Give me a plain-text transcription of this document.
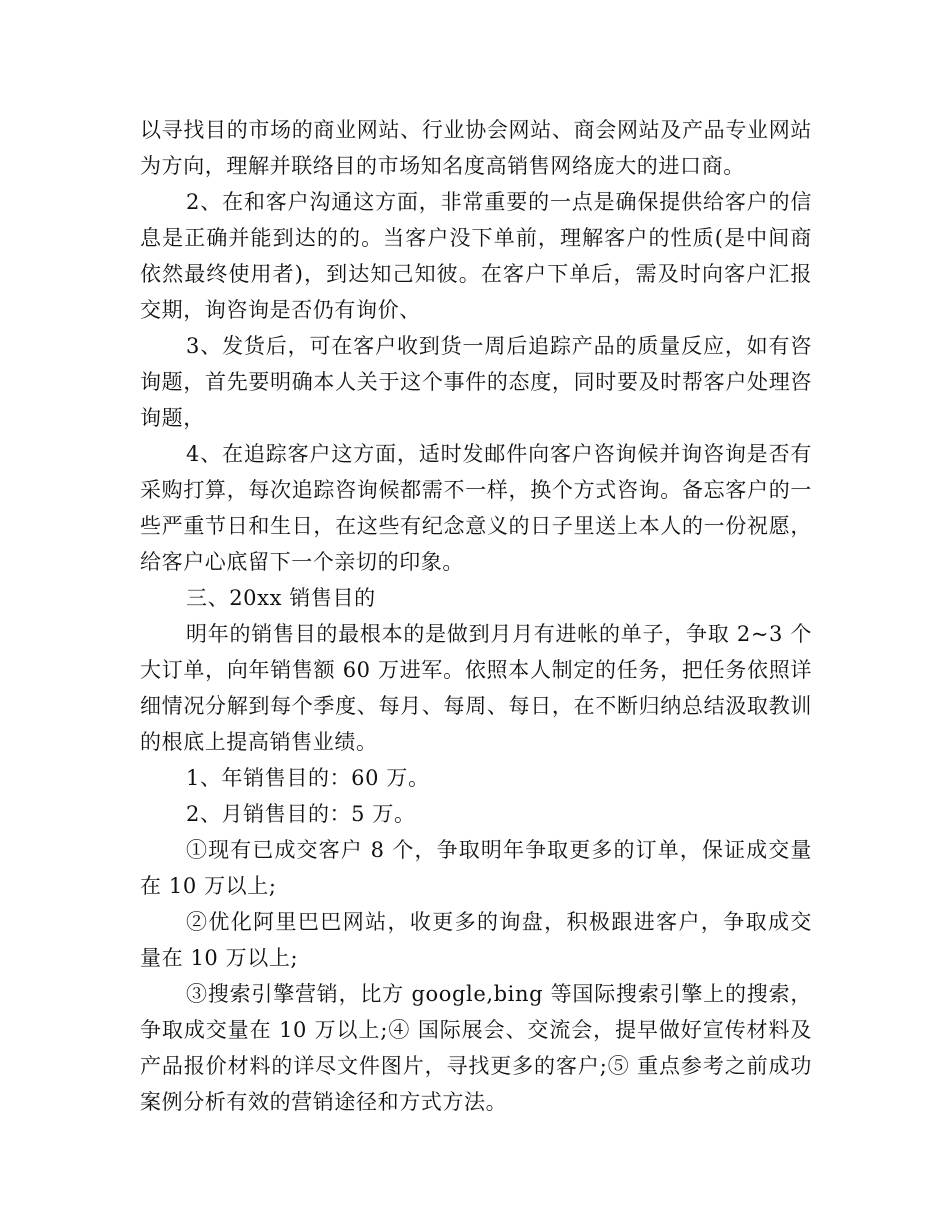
以寻找目的市场的商业网站、行业协会网站、商会网站及产品专业网站为方向，理解并联络目的市场知名度高销售网络庞大的进口商。

2、在和客户沟通这方面，非常重要的一点是确保提供给客户的信息是正确并能到达的的。当客户没下单前，理解客户的性质(是中间商依然最终使用者)，到达知己知彼。在客户下单后，需及时向客户汇报交期，询咨询是否仍有询价、

3、发货后，可在客户收到货一周后追踪产品的质量反应，如有咨询题，首先要明确本人关于这个事件的态度，同时要及时帮客户处理咨询题，

4、在追踪客户这方面，适时发邮件向客户咨询候并询咨询是否有采购打算，每次追踪咨询候都需不一样，换个方式咨询。备忘客户的一些严重节日和生日，在这些有纪念意义的日子里送上本人的一份祝愿，给客户心底留下一个亲切的印象。

三、20xx 销售目的

明年的销售目的最根本的是做到月月有进帐的单子，争取 2~3 个大订单，向年销售额 60 万进军。依照本人制定的任务，把任务依照详细情况分解到每个季度、每月、每周、每日，在不断归纳总结汲取教训的根底上提高销售业绩。

1、年销售目的：60 万。

2、月销售目的：5 万。

①现有已成交客户 8 个，争取明年争取更多的订单，保证成交量在 10 万以上;

②优化阿里巴巴网站，收更多的询盘，积极跟进客户，争取成交量在 10 万以上;

③搜索引擎营销，比方 google,bing 等国际搜索引擎上的搜索，争取成交量在 10 万以上;④ 国际展会、交流会，提早做好宣传材料及产品报价材料的详尽文件图片，寻找更多的客户;⑤ 重点参考之前成功案例分析有效的营销途径和方式方法。
